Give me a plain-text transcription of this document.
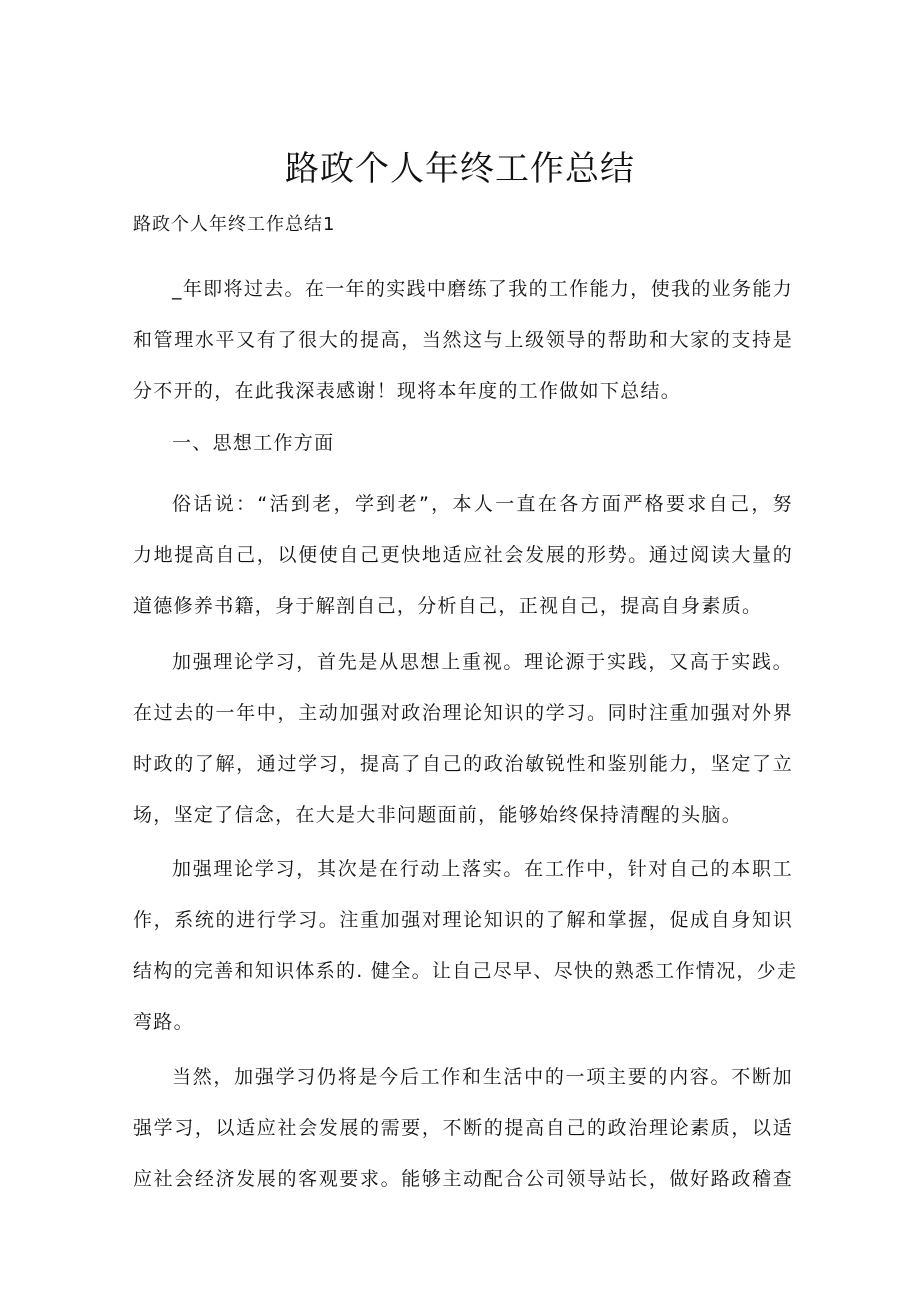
路政个人年终工作总结

路政个人年终工作总结1

_年即将过去。在一年的实践中磨练了我的工作能力，使我的业务能力
和管理水平又有了很大的提高，当然这与上级领导的帮助和大家的支持是
分不开的，在此我深表感谢！现将本年度的工作做如下总结。

一、思想工作方面

俗话说：“活到老，学到老”，本人一直在各方面严格要求自己，努
力地提高自己，以便使自己更快地适应社会发展的形势。通过阅读大量的
道德修养书籍，身于解剖自己，分析自己，正视自己，提高自身素质。
加强理论学习，首先是从思想上重视。理论源于实践，又高于实践。
在过去的一年中，主动加强对政治理论知识的学习。同时注重加强对外界
时政的了解，通过学习，提高了自己的政治敏锐性和鉴别能力，坚定了立
场，坚定了信念，在大是大非问题面前，能够始终保持清醒的头脑。
加强理论学习，其次是在行动上落实。在工作中，针对自己的本职工
作，系统的进行学习。注重加强对理论知识的了解和掌握，促成自身知识
结构的完善和知识体系的. 健全。让自己尽早、尽快的熟悉工作情况，少走
弯路。
当然，加强学习仍将是今后工作和生活中的一项主要的内容。不断加
强学习，以适应社会发展的需要，不断的提高自己的政治理论素质，以适
应社会经济发展的客观要求。能够主动配合公司领导站长，做好路政稽查
